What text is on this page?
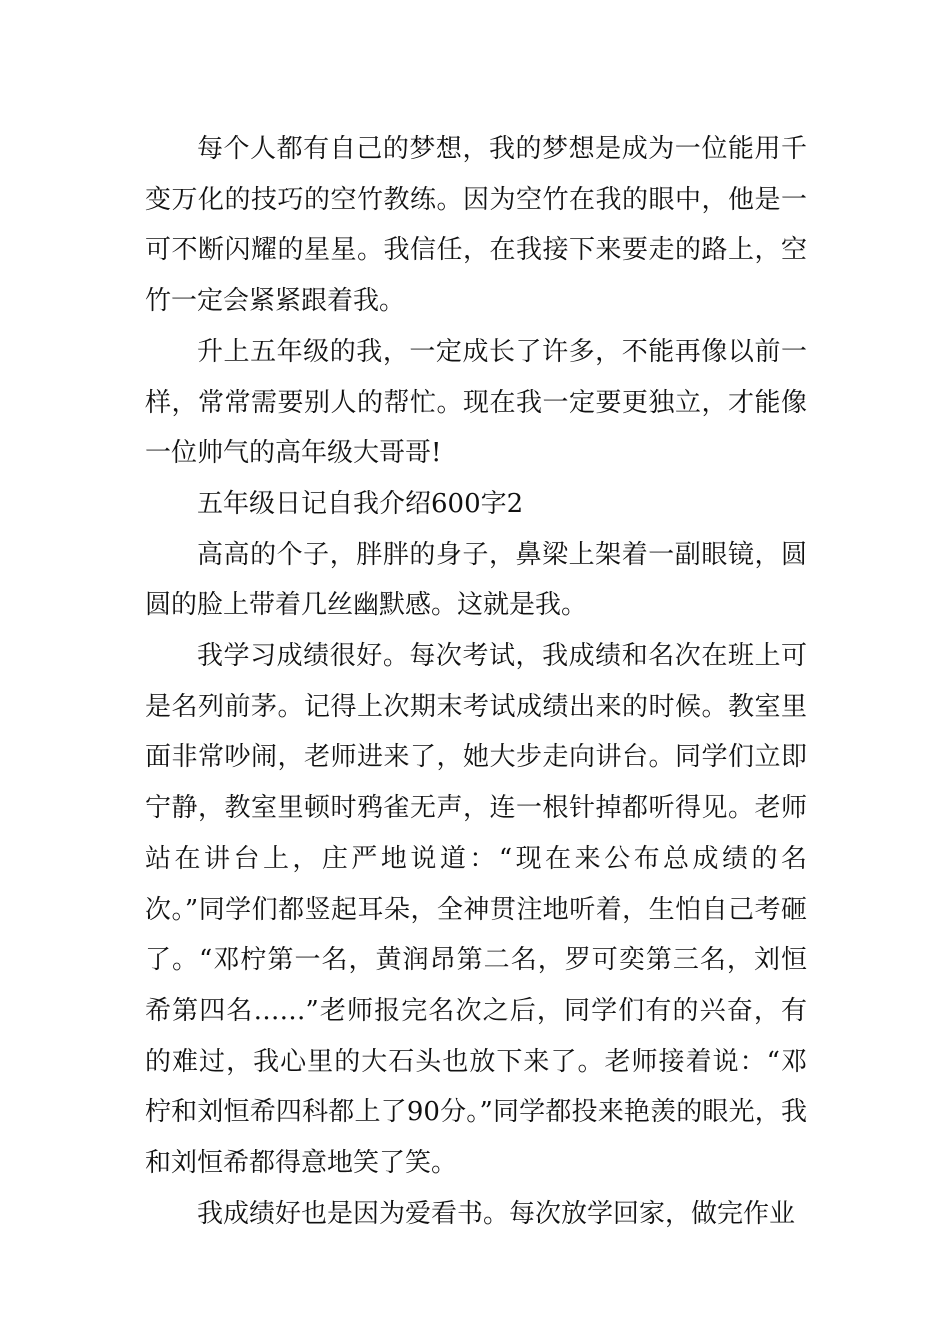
每个人都有自己的梦想，我的梦想是成为一位能用千变万化的技巧的空竹教练。因为空竹在我的眼中，他是一可不断闪耀的星星。我信任，在我接下来要走的路上，空竹一定会紧紧跟着我。

升上五年级的我，一定成长了许多，不能再像以前一样，常常需要别人的帮忙。现在我一定要更独立，才能像一位帅气的高年级大哥哥!

五年级日记自我介绍600字2

高高的个子，胖胖的身子，鼻梁上架着一副眼镜，圆圆的脸上带着几丝幽默感。这就是我。

我学习成绩很好。每次考试，我成绩和名次在班上可是名列前茅。记得上次期末考试成绩出来的时候。教室里面非常吵闹，老师进来了，她大步走向讲台。同学们立即宁静，教室里顿时鸦雀无声，连一根针掉都听得见。老师站在讲台上，庄严地说道：“现在来公布总成绩的名次。”同学们都竖起耳朵，全神贯注地听着，生怕自己考砸了。“邓柠第一名，黄润昂第二名，罗可奕第三名，刘恒希第四名……”老师报完名次之后，同学们有的兴奋，有的难过，我心里的大石头也放下来了。老师接着说：“邓柠和刘恒希四科都上了90分。”同学都投来艳羡的眼光，我和刘恒希都得意地笑了笑。

我成绩好也是因为爱看书。每次放学回家，做完作业
